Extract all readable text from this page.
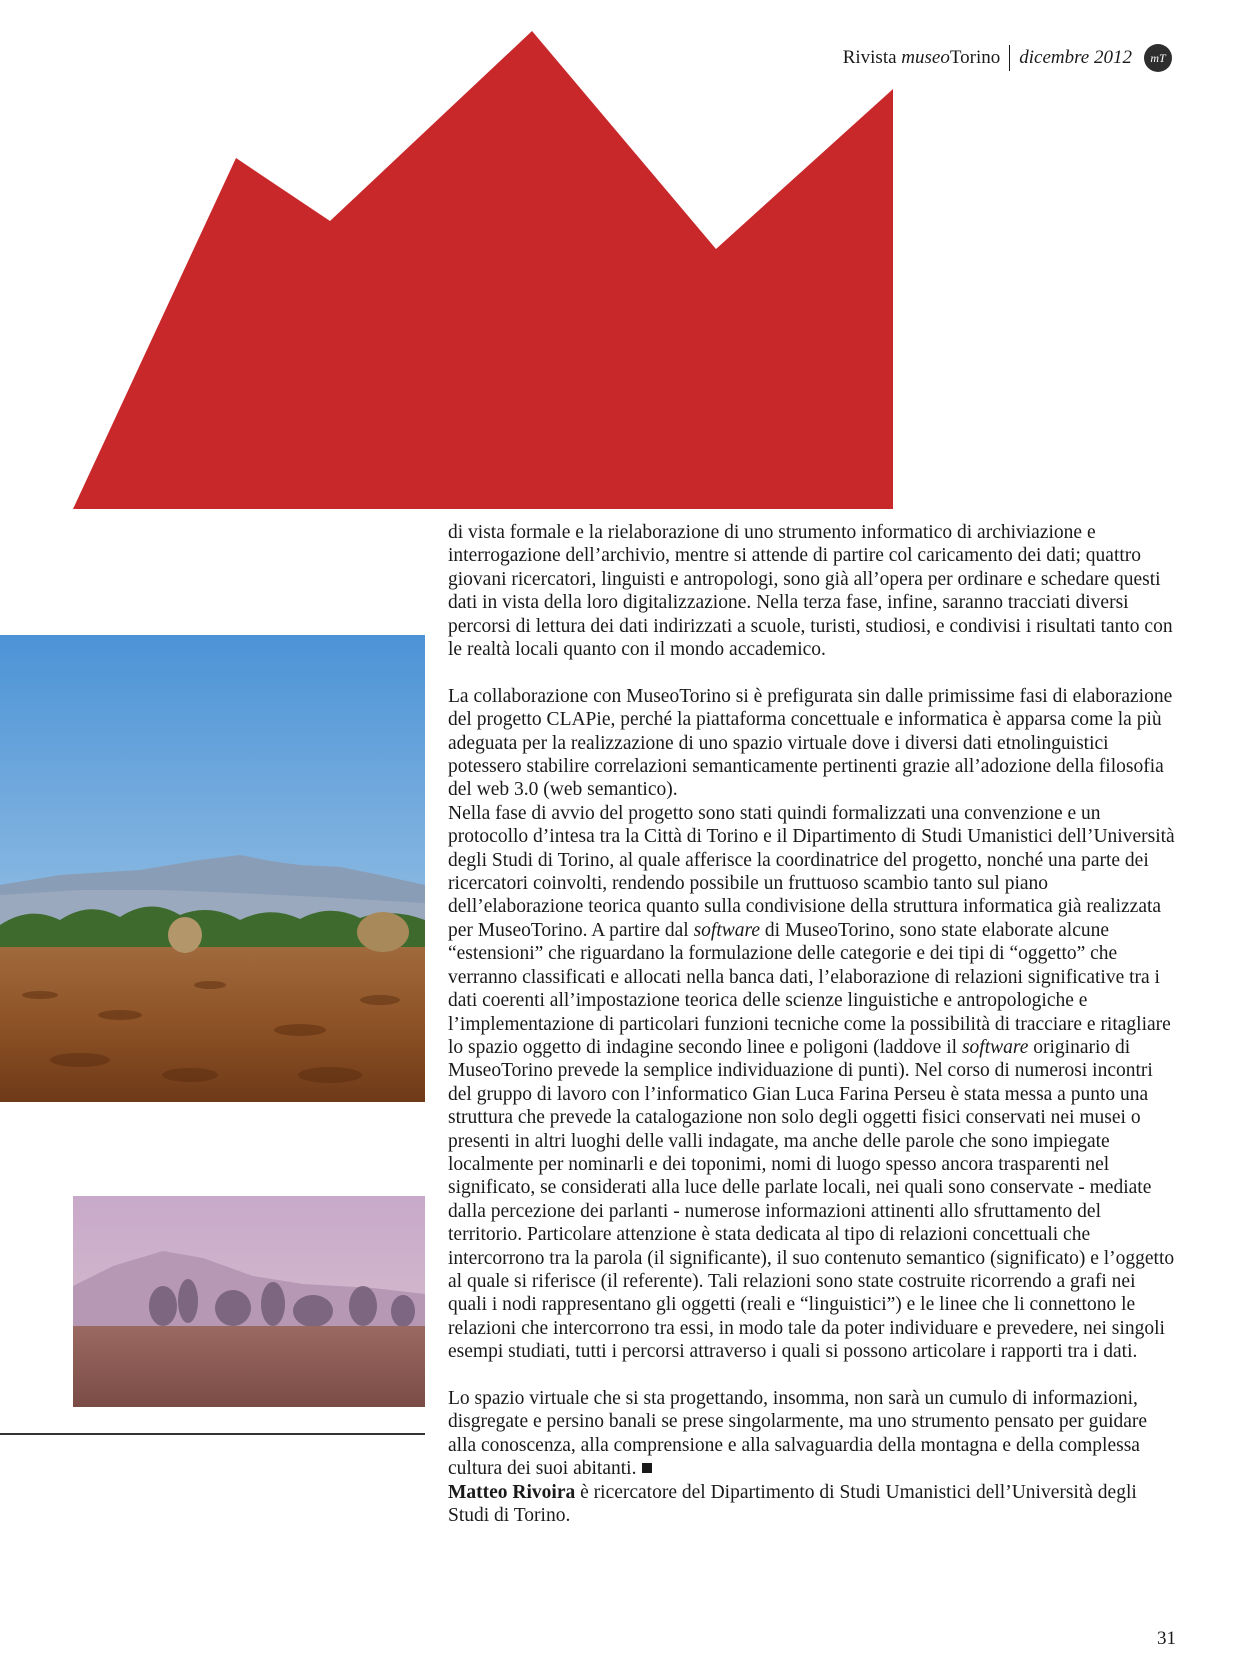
Rivista museoTorino dicembre 2012	mT

di vista formale e la rielaborazione di uno strumento informatico di archiviazione e interrogazione dell’archivio, mentre si attende di partire col caricamento dei dati; quattro giovani ricercatori, linguisti e antropologi, sono già all’opera per ordinare e schedare questi dati in vista della loro digitalizzazione. Nella terza fase, infine, saranno tracciati diversi percorsi di lettura dei dati indirizzati a scuole, turisti, studiosi, e condivisi i risultati tanto con le realtà locali quanto con il mondo accademico.

La collaborazione con MuseoTorino si è prefigurata sin dalle primissime fasi di elaborazione del progetto CLAPie, perché la piattaforma concettuale e informatica è apparsa come la più adeguata per la realizzazione di uno spazio virtuale dove i diversi dati etnolinguistici potessero stabilire correlazioni semanticamente pertinenti grazie all’adozione della filosofia del web 3.0 (web semantico).

Nella fase di avvio del progetto sono stati quindi formalizzati una convenzione e un protocollo d’intesa tra la Città di Torino e il Dipartimento di Studi Umanistici dell’Università degli Studi di Torino, al quale afferisce la coordinatrice del progetto, nonché una parte dei ricercatori coinvolti, rendendo possibile un fruttuoso scambio tanto sul piano dell’elaborazione teorica quanto sulla condivisione della struttura informatica già realizzata per MuseoTorino. A partire dal software di MuseoTorino, sono state elaborate alcune “estensioni” che riguardano la formulazione delle categorie e dei tipi di “oggetto” che verranno classificati e allocati nella banca dati, l’elaborazione di relazioni significative tra i dati coerenti all’impostazione teorica delle scienze linguistiche e antropologiche e l’implementazione di particolari funzioni tecniche come la possibilità di tracciare e ritagliare lo spazio oggetto di indagine secondo linee e poligoni (laddove il software originario di MuseoTorino prevede la semplice individuazione di punti). Nel corso di numerosi incontri del gruppo di lavoro con l’informatico Gian Luca Farina Perseu è stata messa a punto una struttura che prevede la catalogazione non solo degli oggetti fisici conservati nei musei o presenti in altri luoghi delle valli indagate, ma anche delle parole che sono impiegate localmente per nominarli e dei toponimi, nomi di luogo spesso ancora trasparenti nel significato, se considerati alla luce delle parlate locali, nei quali sono conservate - mediate dalla percezione dei parlanti - numerose informazioni attinenti allo sfruttamento del territorio. Particolare attenzione è stata dedicata al tipo di relazioni concettuali che intercorrono tra la parola (il significante), il suo contenuto semantico (significato) e l’oggetto al quale si riferisce (il referente). Tali relazioni sono state costruite ricorrendo a grafi nei quali i nodi rappresentano gli oggetti (reali e “linguistici”) e le linee che li connettono le relazioni che intercorrono tra essi, in modo tale da poter individuare e prevedere, nei singoli esempi studiati, tutti i percorsi attraverso i quali si possono articolare i rapporti tra i dati.

Lo spazio virtuale che si sta progettando, insomma, non sarà un cumulo di informazioni, disgregate e persino banali se prese singolarmente, ma uno strumento pensato per guidare alla conoscenza, alla comprensione e alla salvaguardia della montagna e della complessa cultura dei suoi abitanti.

Matteo Rivoira è ricercatore del Dipartimento di Studi Umanistici dell’Università degli Studi di Torino.

31
